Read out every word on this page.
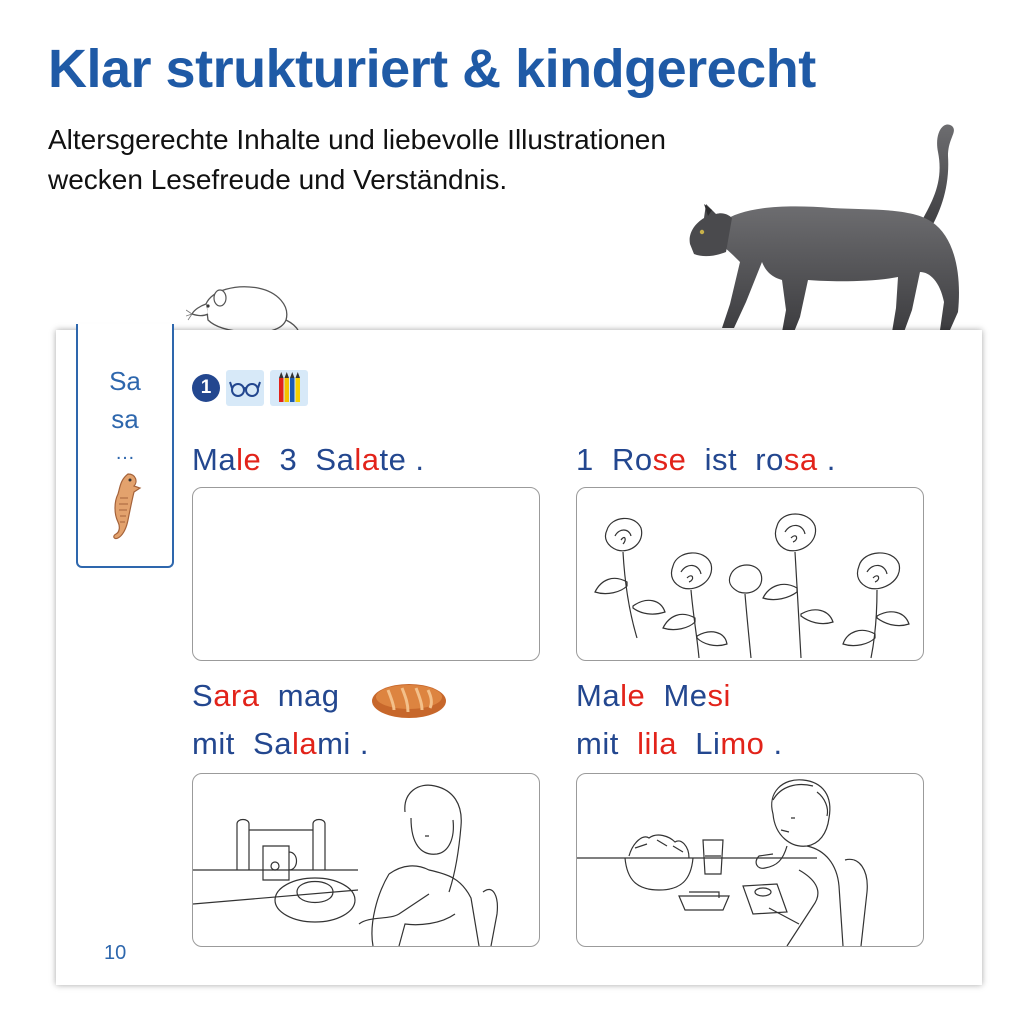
Klar strukturiert & kindgerecht

Altersgerechte Inhalte und liebevolle Illustrationen
wecken Lesefreude und Verständnis.

Sa
sa
…
1
Male  3  Salate .	1  Rose  ist  rosa .
Sara  mag
mit  Salami .
Male  Mesi
mit  lila  Limo .
10
